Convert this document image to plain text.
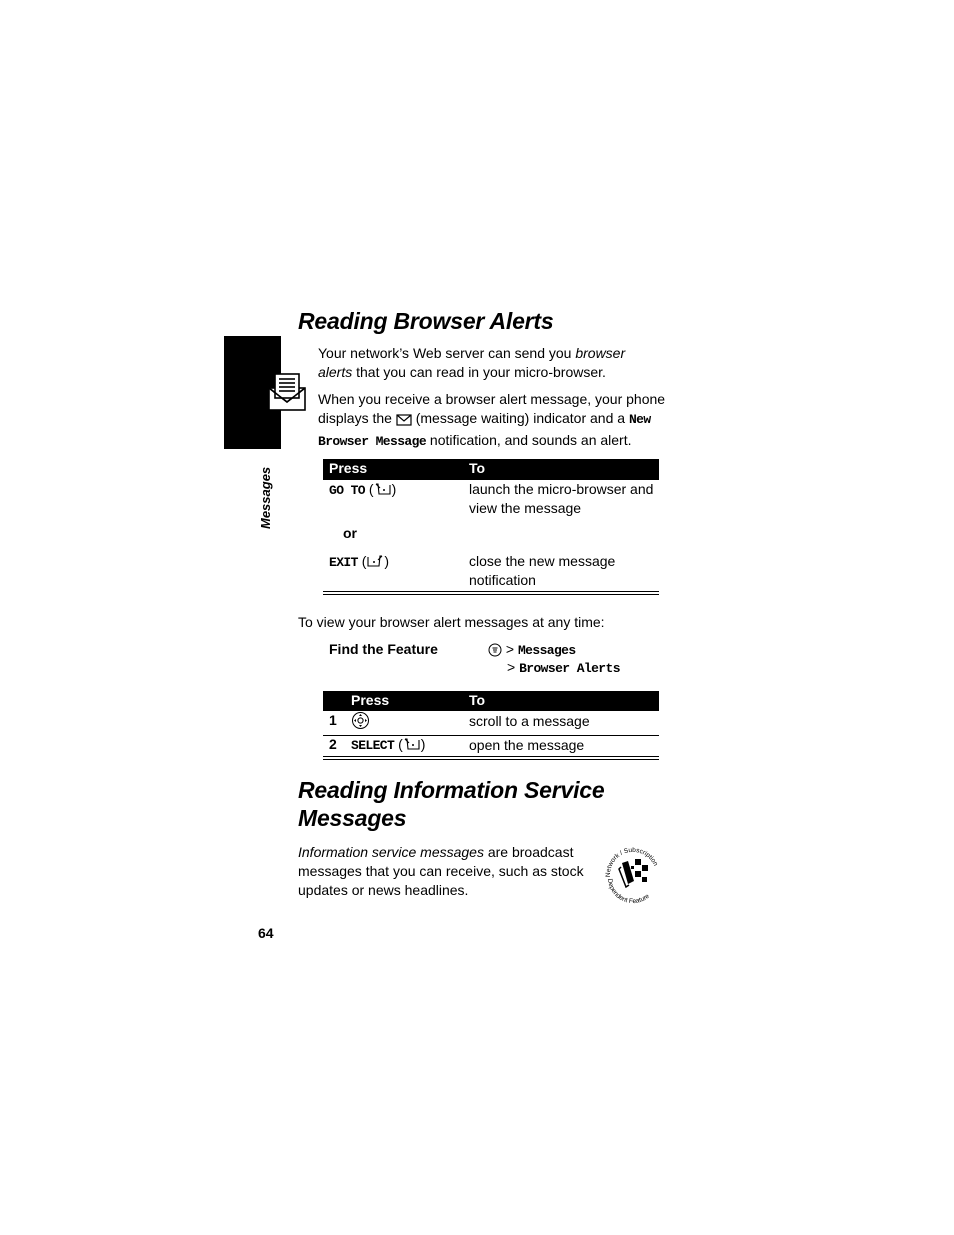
Messages
Reading Browser Alerts
Your network’s Web server can send you browser alerts that you can read in your micro-browser.
When you receive a browser alert message, your phone displays the  (message waiting) indicator and a New Browser Message notification, and sounds an alert.
Press	To
GO TO ( )	launch the micro-browser and view the message
or
EXIT ( )	close the new message notification
To view your browser alert messages at any time:
Find the Feature	> Messages
> Browser Alerts
Press	To
1	scroll to a message
2 SELECT ( )	open the message
Reading Information Service
Messages
Information service messages are broadcast messages that you can receive, such as stock updates or news headlines.
Network / Subscription
Dependent Feature
64
